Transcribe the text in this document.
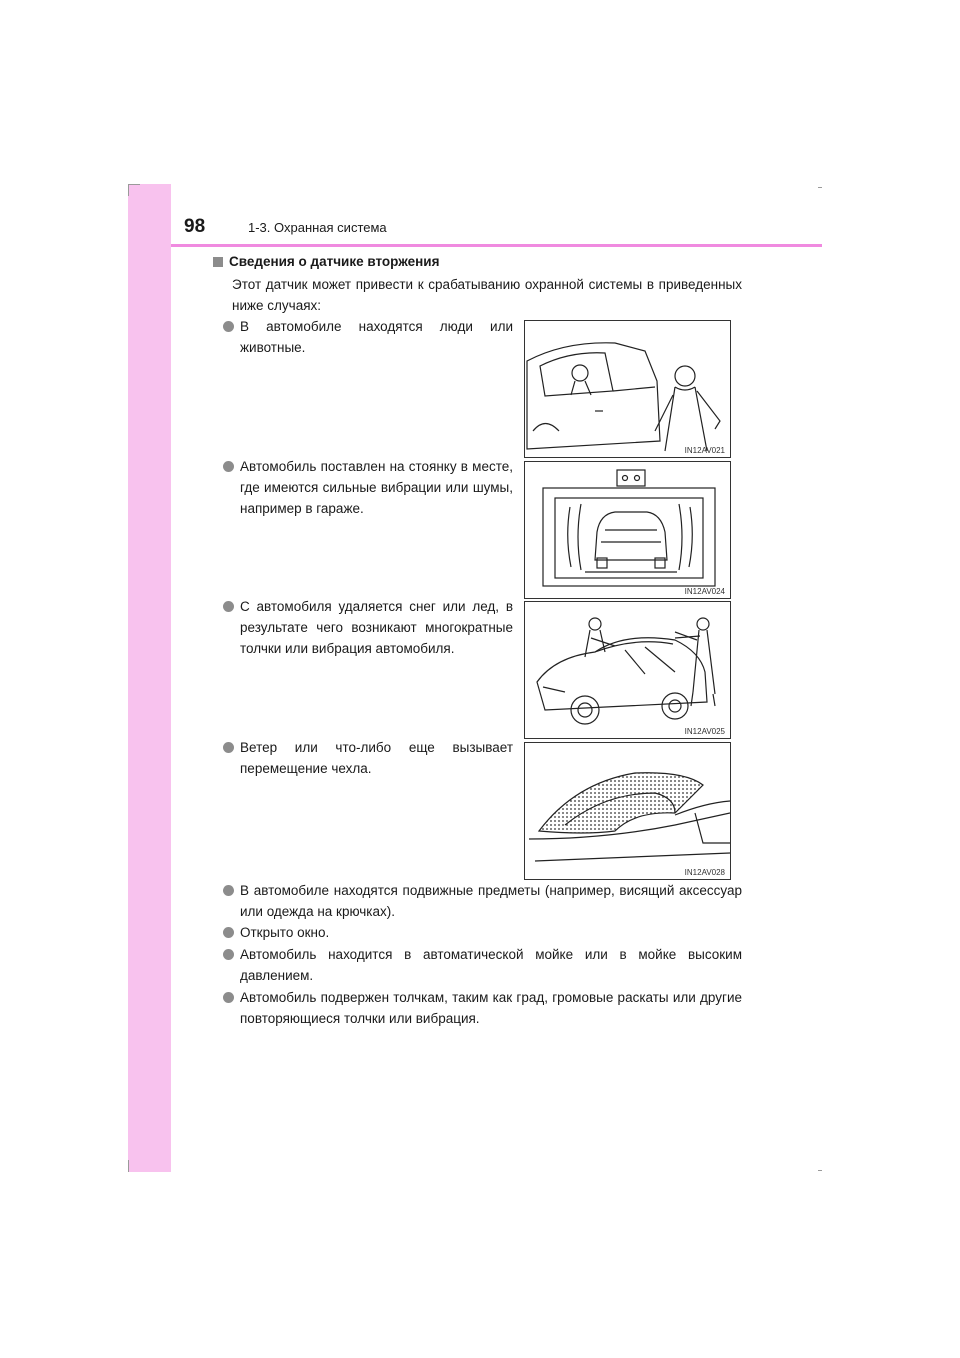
98	1-3. Охранная система
Сведения о датчике вторжения
Этот датчик может привести к срабатыванию охранной системы в приведенных ниже случаях:
В автомобиле находятся люди или животные.
Автомобиль поставлен на стоянку в месте, где имеются сильные вибрации или шумы, например в гараже.
С автомобиля удаляется снег или лед, в результате чего возникают многократные толчки или вибрация автомобиля.
Ветер или что-либо еще вызывает перемещение чехла.
IN12AV021
IN12AV024
IN12AV025
IN12AV028
В автомобиле находятся подвижные предметы (например, висящий аксессуар или одежда на крючках).
Открыто окно.
Автомобиль находится в автоматической мойке или в мойке высоким давлением.
Автомобиль подвержен толчкам, таким как град, громовые раскаты или другие повторяющиеся толчки или вибрация.
